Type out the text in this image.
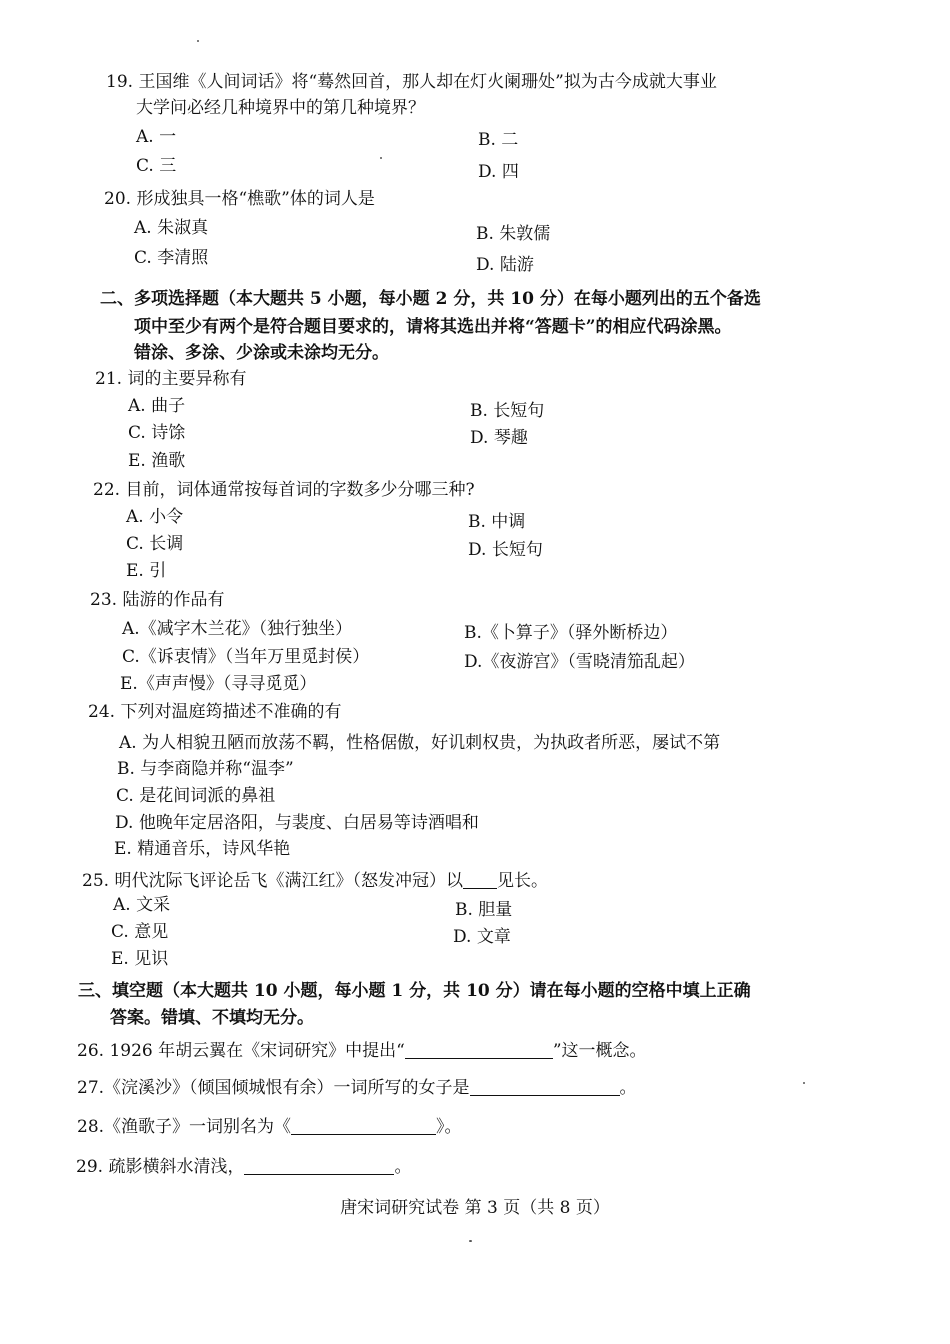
19. 王国维《人间词话》将“蓦然回首，那人却在灯火阑珊处”拟为古今成就大事业
大学问必经几种境界中的第几种境界？
A. 一	B. 二
C. 三	D. 四
20. 形成独具一格“樵歌”体的词人是
A. 朱淑真	B. 朱敦儒
C. 李清照	D. 陆游
二、多项选择题（本大题共 5 小题，每小题 2 分，共 10 分）在每小题列出的五个备选
项中至少有两个是符合题目要求的，请将其选出并将“答题卡”的相应代码涂黑。
错涂、多涂、少涂或未涂均无分。
21. 词的主要异称有
A. 曲子	B. 长短句
C. 诗馀	D. 琴趣
E. 渔歌
22. 目前，词体通常按每首词的字数多少分哪三种?
A. 小令	B. 中调
C. 长调	D. 长短句
E. 引
23. 陆游的作品有
A.《减字木兰花》（独行独坐）	B.《卜算子》（驿外断桥边）
C.《诉衷情》（当年万里觅封侯）	D.《夜游宫》（雪晓清笳乱起）
E.《声声慢》（寻寻觅觅）
24. 下列对温庭筠描述不准确的有
A. 为人相貌丑陋而放荡不羁，性格倨傲，好讥刺权贵，为执政者所恶，屡试不第
B. 与李商隐并称“温李”
C. 是花间词派的鼻祖
D. 他晚年定居洛阳，与裴度、白居易等诗酒唱和
E. 精通音乐，诗风华艳
25. 明代沈际飞评论岳飞《满江红》（怒发冲冠）以 见长。
A. 文采	B. 胆量
C. 意见	D. 文章
E. 见识
三、填空题（本大题共 10 小题，每小题 1 分，共 10 分）请在每小题的空格中填上正确
答案。错填、不填均无分。
26. 1926 年胡云翼在《宋词研究》中提出“	”这一概念。
27.《浣溪沙》（倾国倾城恨有余）一词所写的女子是	。
28.《渔歌子》一词别名为《	》。
29. 疏影横斜水清浅，	。
唐宋词研究试卷 第 3 页（共 8 页）
